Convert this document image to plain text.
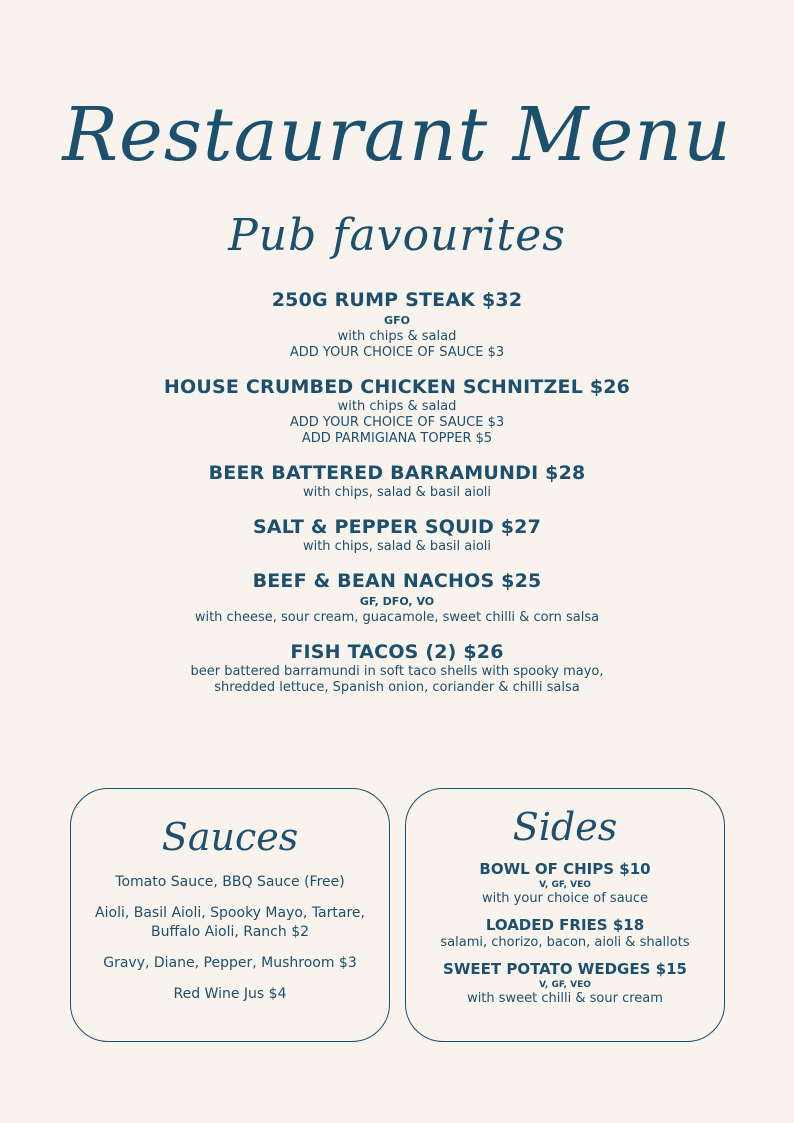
Restaurant Menu
Pub favourites
250G RUMP STEAK $32
GFO
with chips & salad
ADD YOUR CHOICE OF SAUCE $3
HOUSE CRUMBED CHICKEN SCHNITZEL $26
with chips & salad
ADD YOUR CHOICE OF SAUCE $3
ADD PARMIGIANA TOPPER $5
BEER BATTERED BARRAMUNDI $28
with chips, salad & basil aioli
SALT & PEPPER SQUID $27
with chips, salad & basil aioli
BEEF & BEAN NACHOS $25
GF, DFO, VO
with cheese, sour cream, guacamole, sweet chilli & corn salsa
FISH TACOS (2) $26
beer battered barramundi in soft taco shells with spooky mayo,
shredded lettuce, Spanish onion, coriander & chilli salsa
Sauces
Tomato Sauce, BBQ Sauce (Free)
Aioli, Basil Aioli, Spooky Mayo, Tartare,
Buffalo Aioli, Ranch $2
Gravy, Diane, Pepper, Mushroom $3
Red Wine Jus $4
Sides
BOWL OF CHIPS $10
V, GF, VEO
with your choice of sauce
LOADED FRIES $18
salami, chorizo, bacon, aioli & shallots
SWEET POTATO WEDGES $15
V, GF, VEO
with sweet chilli & sour cream
